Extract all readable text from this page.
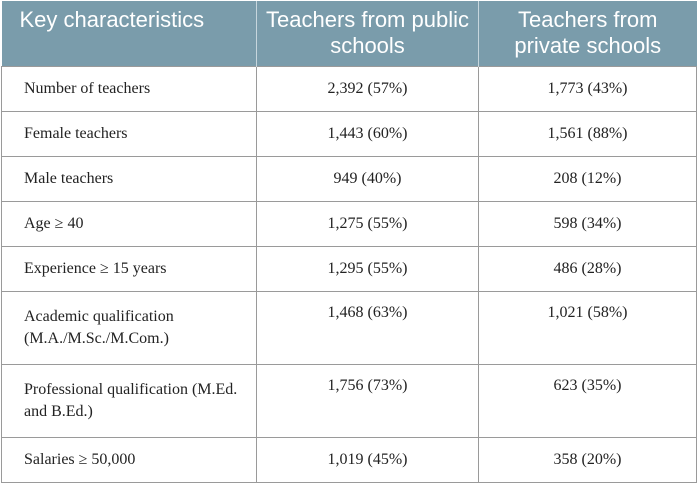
Key characteristics	Teachers from public schools	Teachers from private schools
Number of teachers	2,392 (57%)	1,773 (43%)
Female teachers	1,443 (60%)	1,561 (88%)
Male teachers	949 (40%)	208 (12%)
Age ≥ 40	1,275 (55%)	598 (34%)
Experience ≥ 15 years	1,295 (55%)	486 (28%)
Academic qualification (M.A./M.Sc./M.Com.)	1,468 (63%)	1,021 (58%)
Professional qualification (M.Ed. and B.Ed.)	1,756 (73%)	623 (35%)
Salaries ≥ 50,000	1,019 (45%)	358 (20%)
